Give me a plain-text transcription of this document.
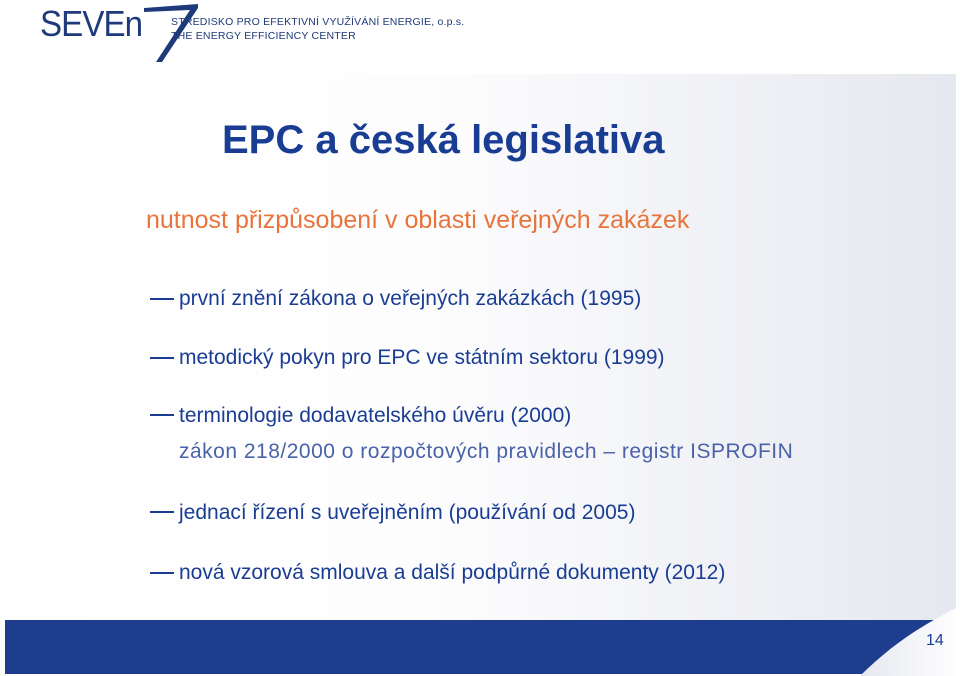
SEVEn	STŘEDISKO PRO EFEKTIVNÍ VYUŽÍVÁNÍ ENERGIE, o.p.s.
THE ENERGY EFFICIENCY CENTER
EPC a česká legislativa
nutnost přizpůsobení v oblasti veřejných zakázek
první znění zákona o veřejných zakázkách (1995)
metodický pokyn pro EPC ve státním sektoru (1999)
terminologie dodavatelského úvěru (2000)
zákon 218/2000 o rozpočtových pravidlech – registr ISPROFIN
jednací řízení s uveřejněním (používání od 2005)
nová vzorová smlouva a další podpůrné dokumenty (2012)
14
